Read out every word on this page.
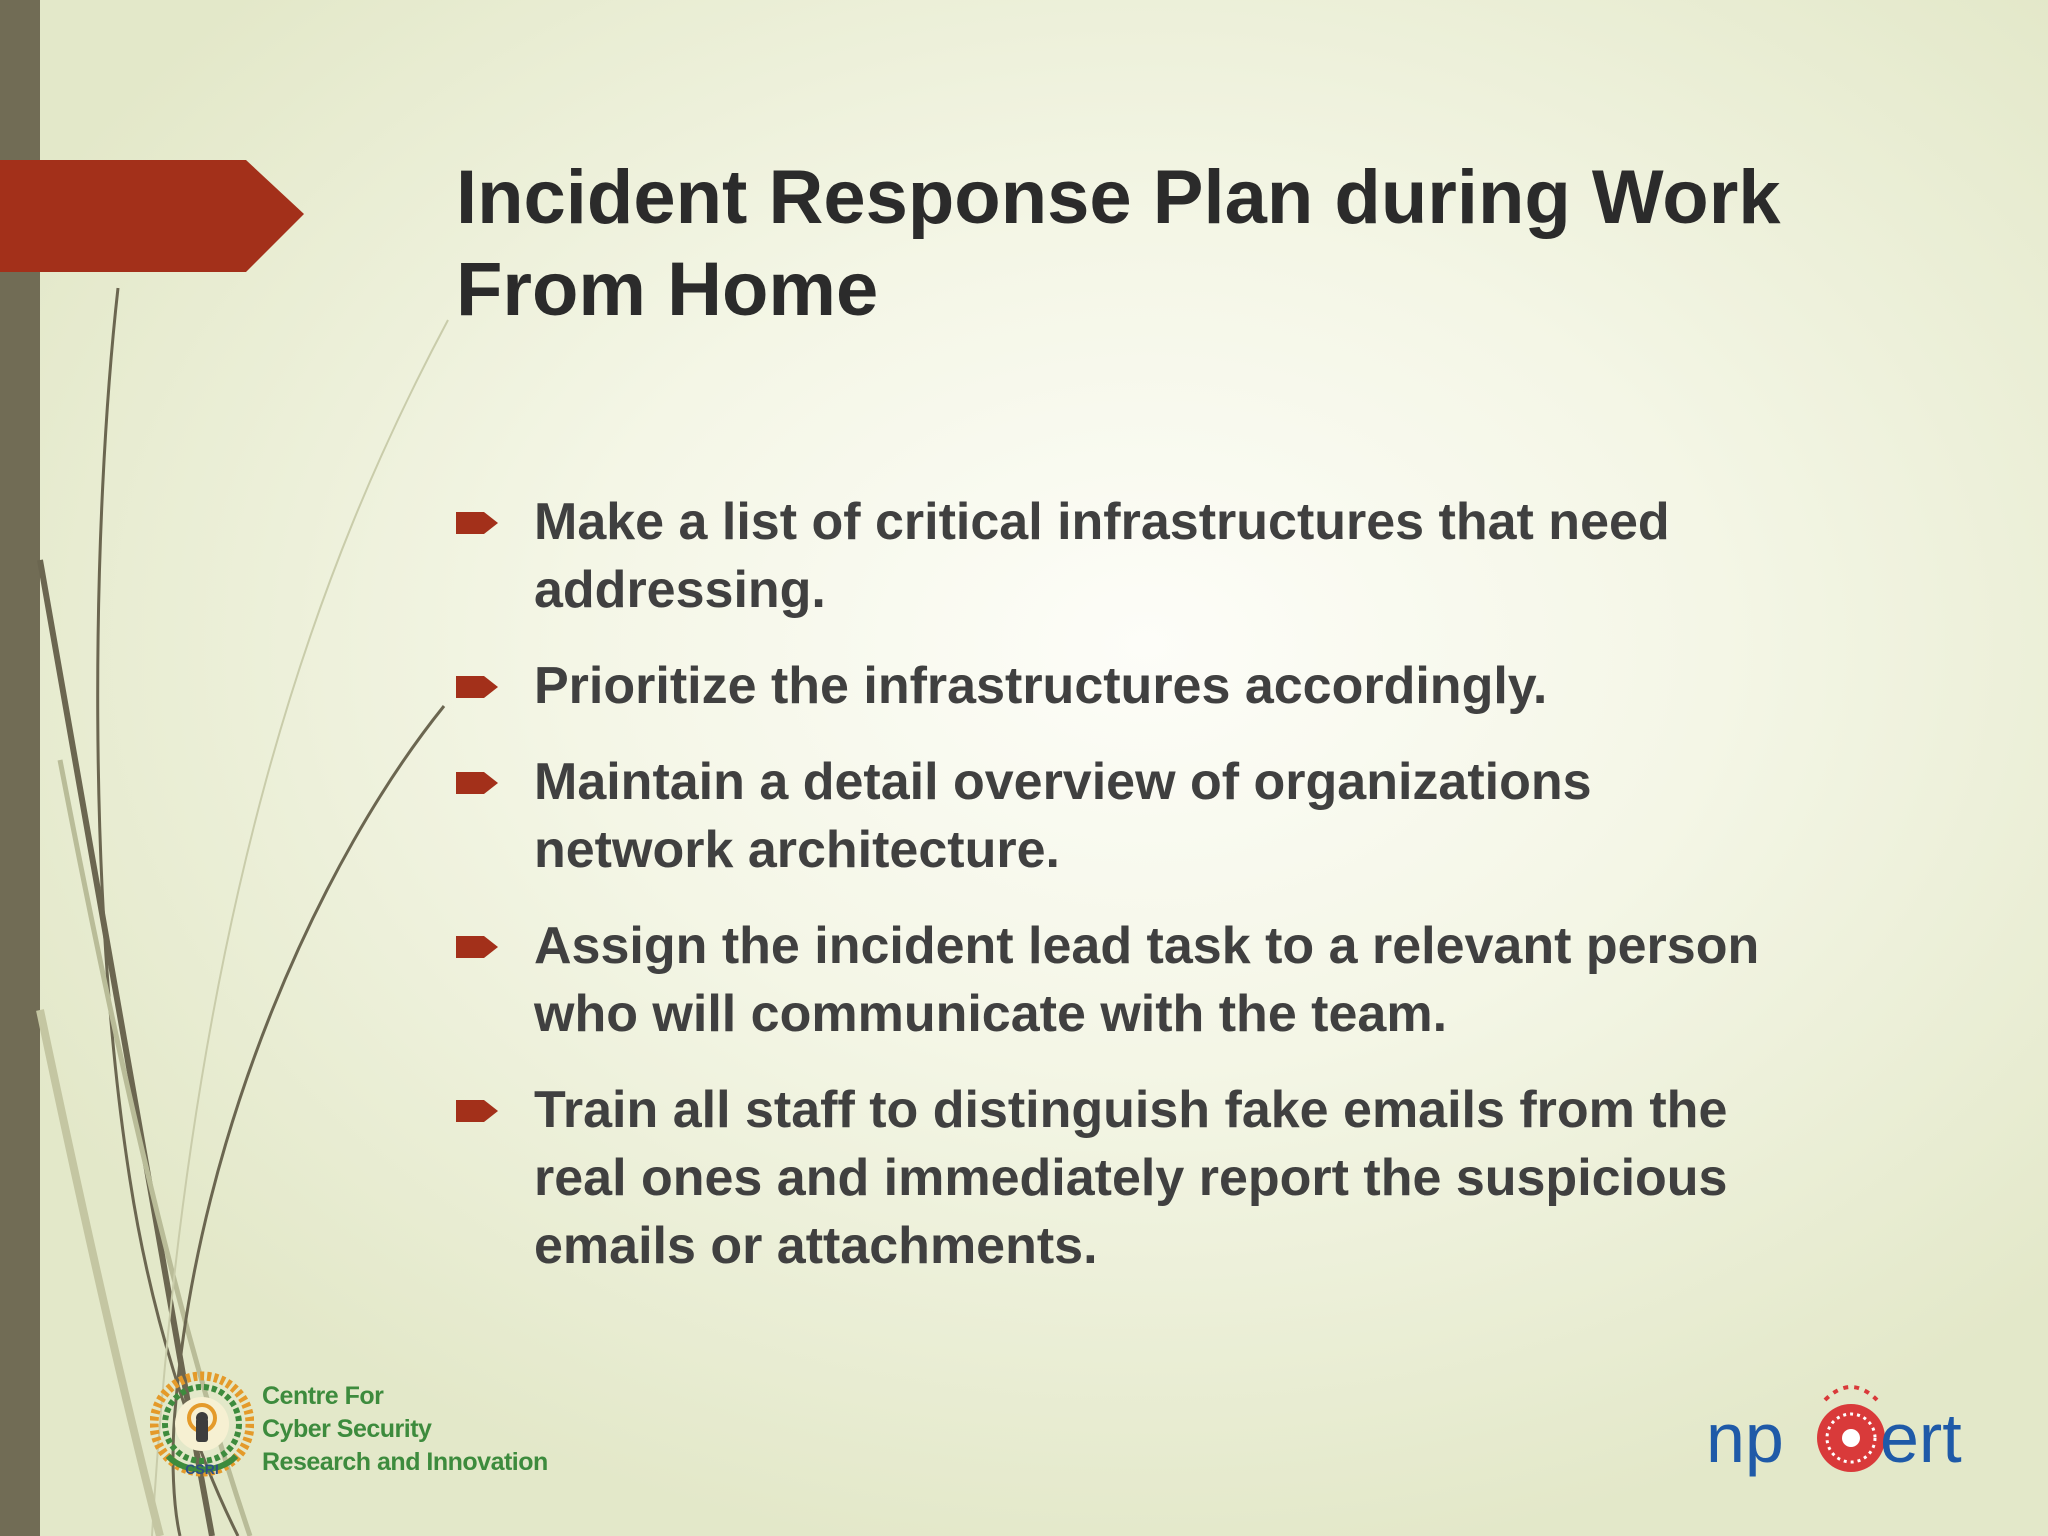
Incident Response Plan during Work
From Home
Make a list of critical infrastructures that need
addressing.
Prioritize the infrastructures accordingly.
Maintain a detail overview of organizations
network architecture.
Assign the incident lead task to a relevant person
who will communicate with the team.
Train all staff to distinguish fake emails from the
real ones and immediately report the suspicious
emails or attachments.
CSRI
Centre For
Cyber Security
Research and Innovation	np ert
